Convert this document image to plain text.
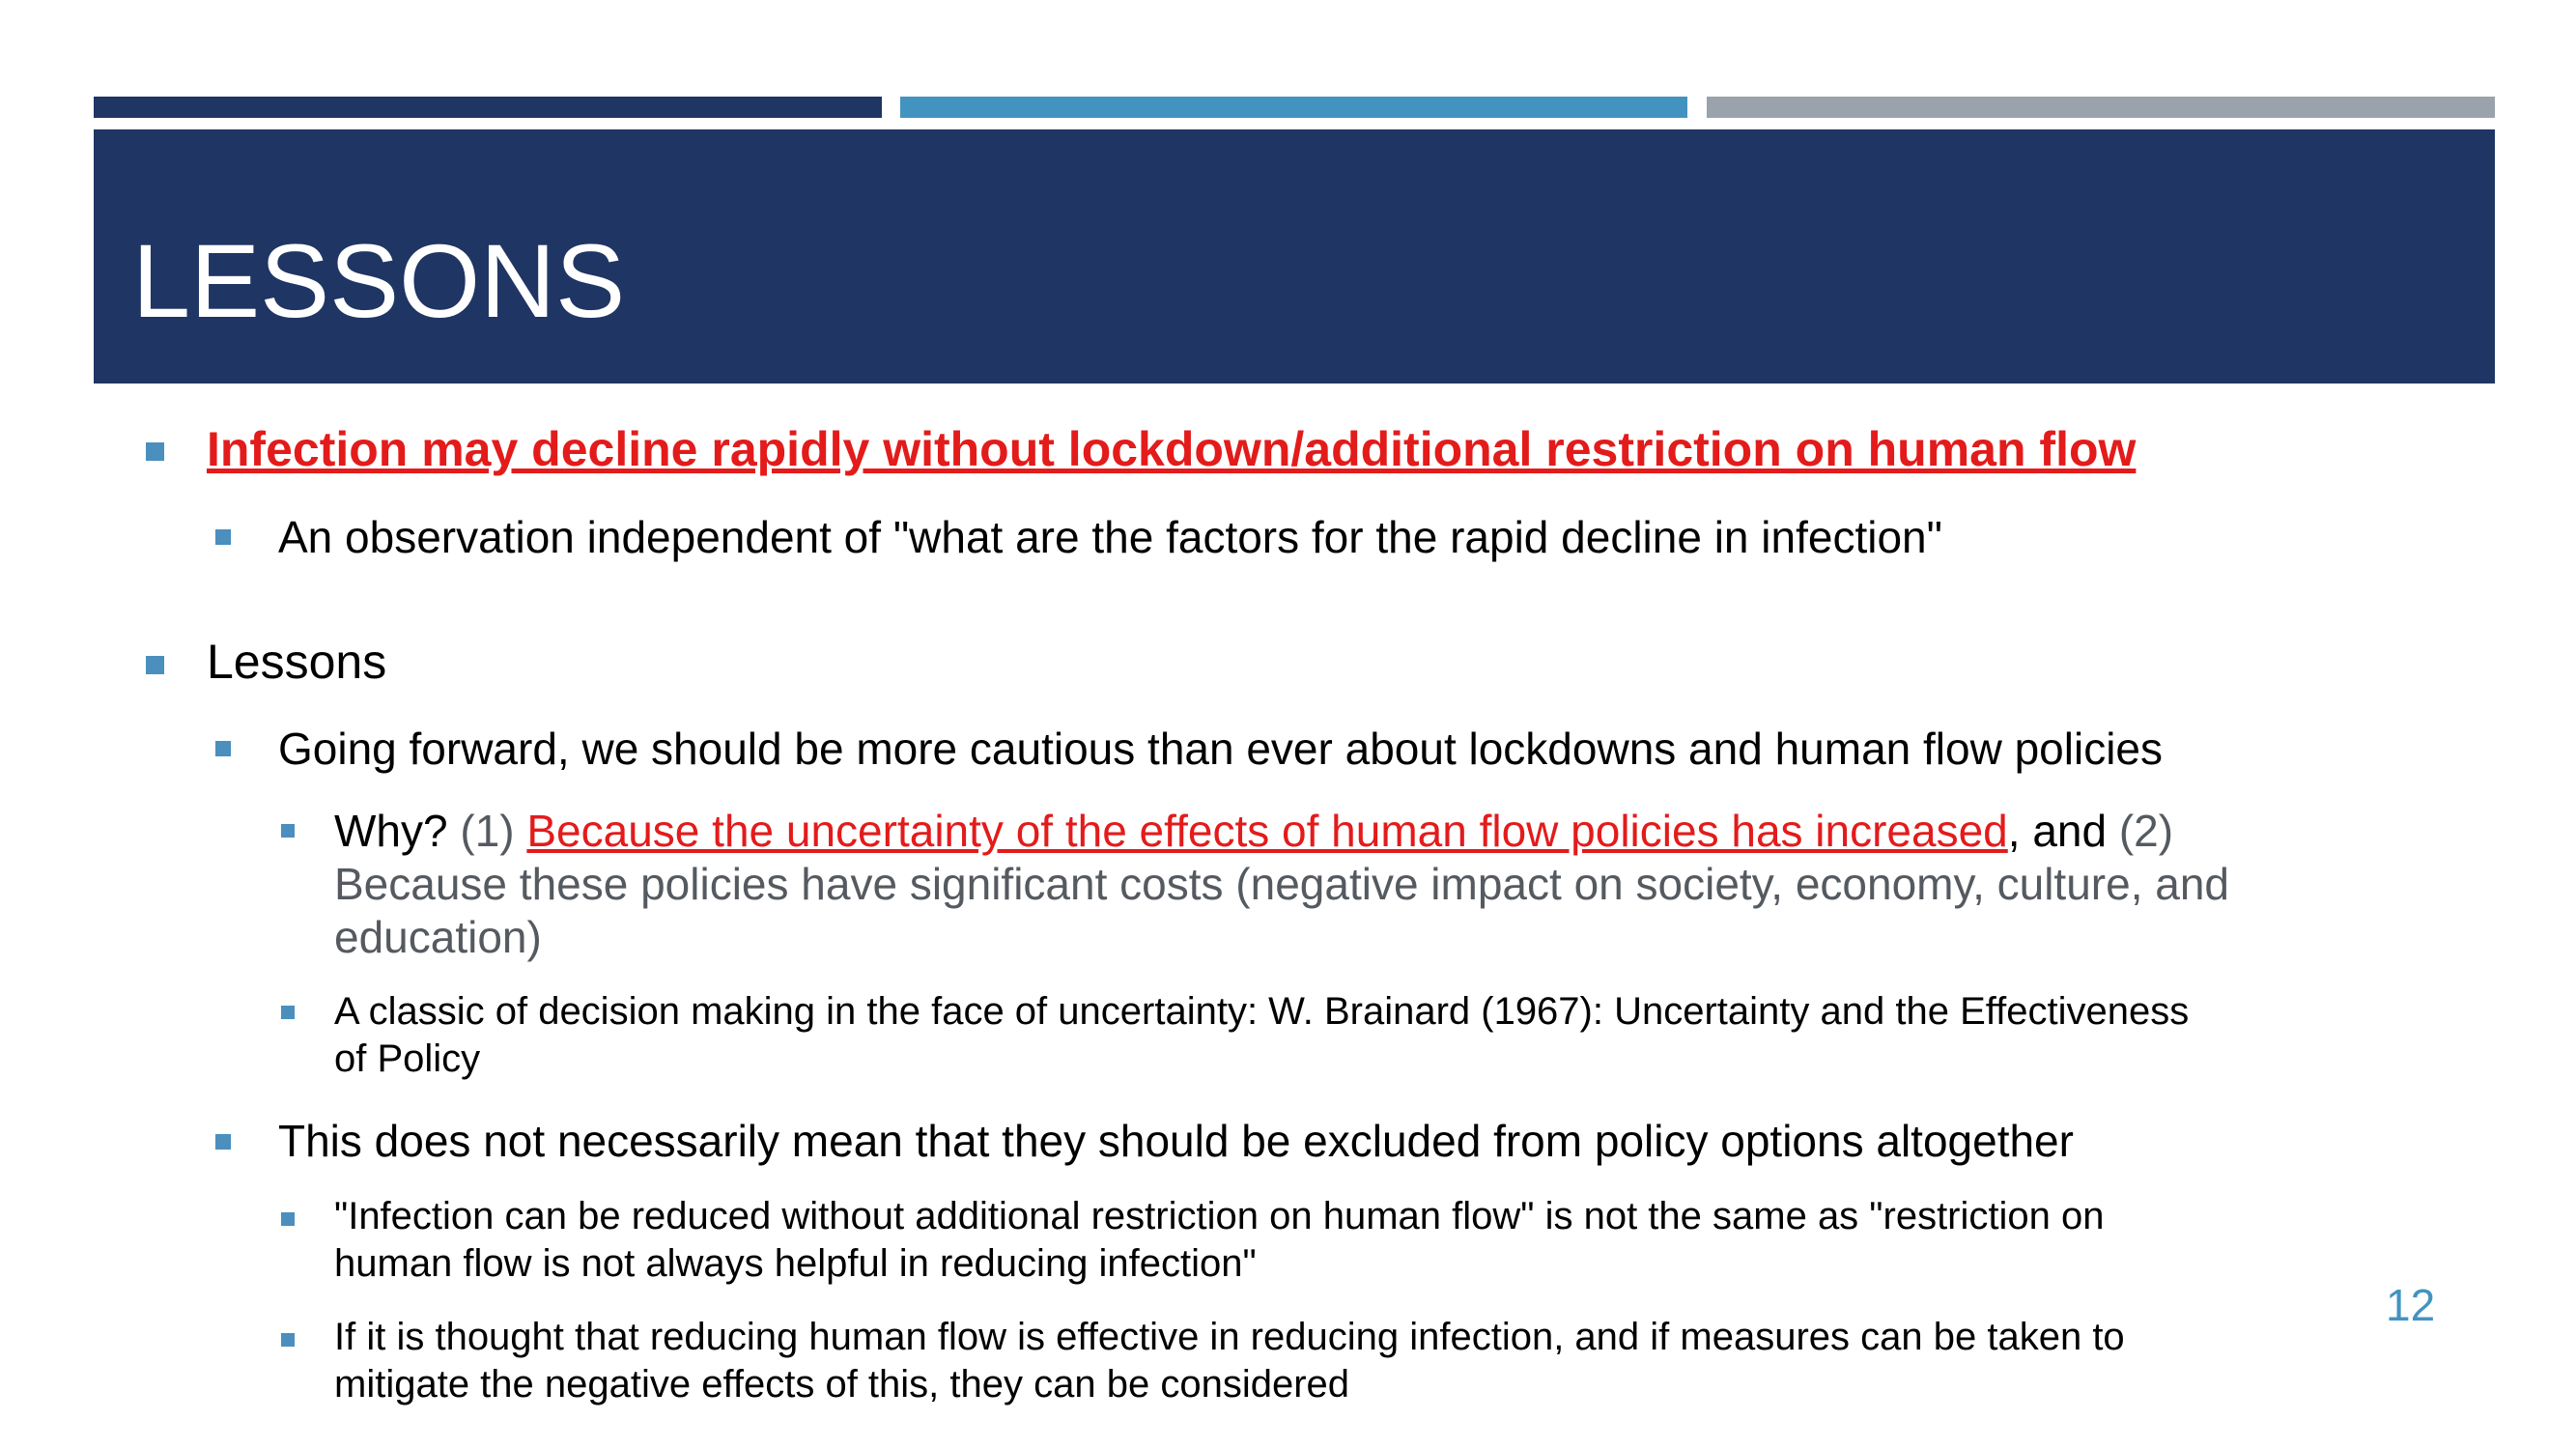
LESSONS
Infection may decline rapidly without lockdown/additional restriction on human flow
An observation independent of "what are the factors for the rapid decline in infection"
Lessons
Going forward, we should be more cautious than ever about lockdowns and human flow policies
Why? (1) Because the uncertainty of the effects of human flow policies has increased, and (2)
Because these policies have significant costs (negative impact on society, economy, culture, and
education)
A classic of decision making in the face of uncertainty: W. Brainard (1967): Uncertainty and the Effectiveness
of Policy
This does not necessarily mean that they should be excluded from policy options altogether
"Infection can be reduced without additional restriction on human flow" is not the same as "restriction on
human flow is not always helpful in reducing infection"
If it is thought that reducing human flow is effective in reducing infection, and if measures can be taken to
mitigate the negative effects of this, they can be considered
12
